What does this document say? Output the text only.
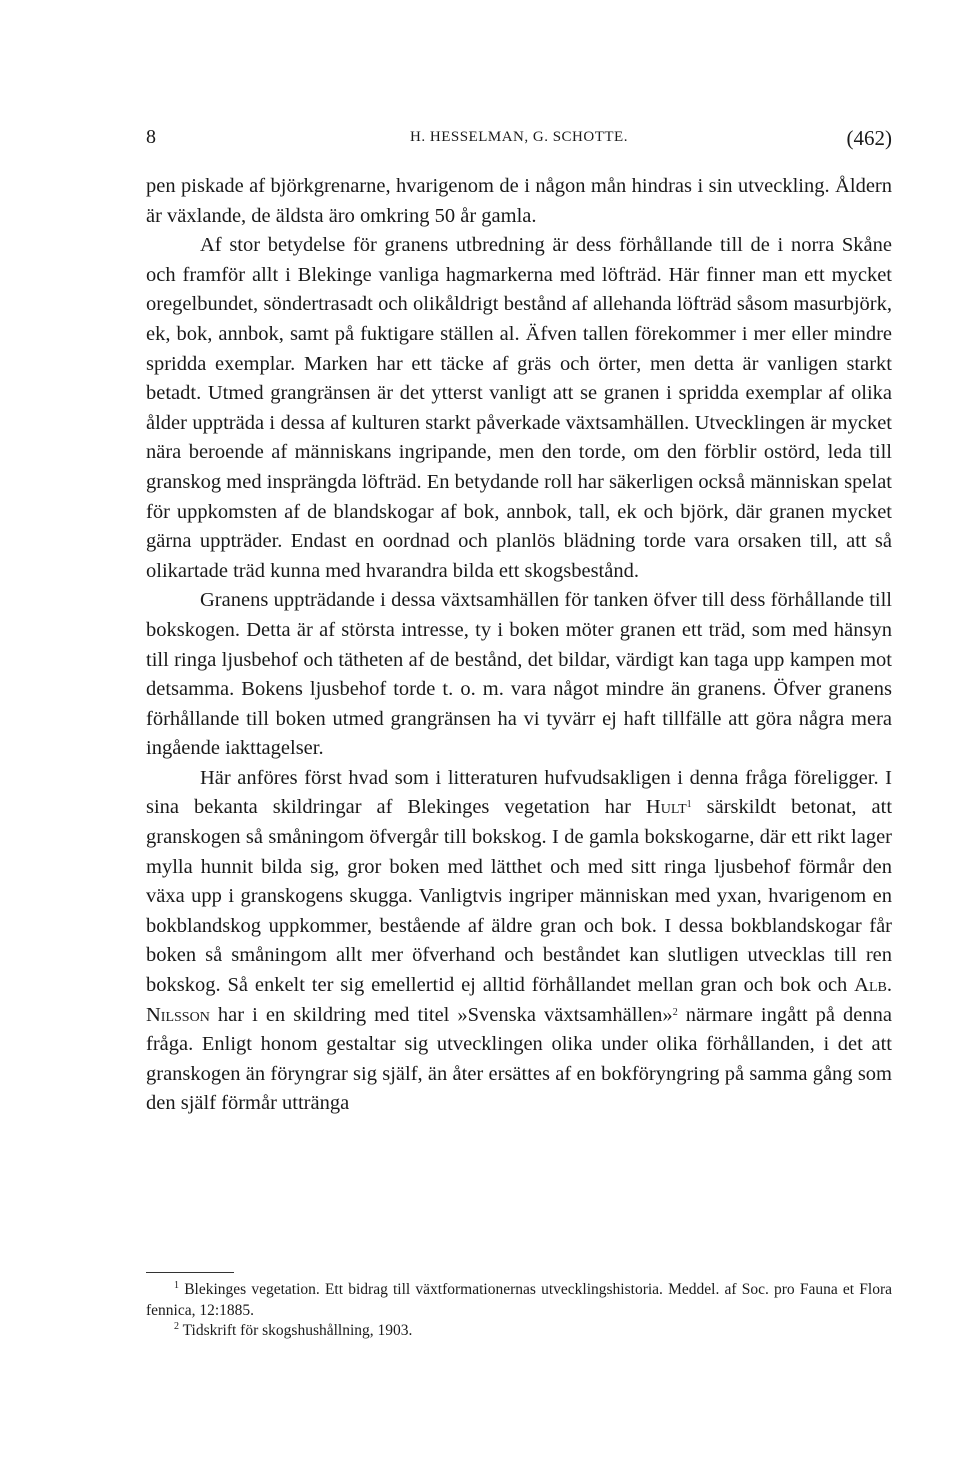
8	H. HESSELMAN, G. SCHOTTE.	(462)

pen piskade af björkgrenarne, hvarigenom de i någon mån hindras i sin utveckling. Åldern är växlande, de äldsta äro omkring 50 år gamla.

Af stor betydelse för granens utbredning är dess förhållande till de i norra Skåne och framför allt i Blekinge vanliga hagmarkerna med löfträd. Här finner man ett mycket oregelbundet, söndertrasadt och olikåldrigt bestånd af allehanda löfträd såsom masurbjörk, ek, bok, annbok, samt på fuktigare ställen al. Äfven tallen förekommer i mer eller mindre spridda exemplar. Marken har ett täcke af gräs och örter, men detta är vanligen starkt betadt. Utmed grangränsen är det ytterst vanligt att se granen i spridda exemplar af olika ålder uppträda i dessa af kulturen starkt påverkade växtsamhällen. Utvecklingen är mycket nära beroende af människans ingripande, men den torde, om den förblir ostörd, leda till granskog med insprängda löfträd. En betydande roll har säkerligen också människan spelat för uppkomsten af de blandskogar af bok, annbok, tall, ek och björk, där granen mycket gärna uppträder. Endast en oordnad och planlös blädning torde vara orsaken till, att så olikartade träd kunna med hvarandra bilda ett skogsbestånd.

Granens uppträdande i dessa växtsamhällen för tanken öfver till dess förhållande till bokskogen. Detta är af största intresse, ty i boken möter granen ett träd, som med hänsyn till ringa ljusbehof och tätheten af de bestånd, det bildar, värdigt kan taga upp kampen mot detsamma. Bokens ljusbehof torde t. o. m. vara något mindre än granens. Öfver granens förhållande till boken utmed grangränsen ha vi tyvärr ej haft tillfälle att göra några mera ingående iakttagelser.

Här anföres först hvad som i litteraturen hufvudsakligen i denna fråga föreligger. I sina bekanta skildringar af Blekinges vegetation har Hult$^1$ särskildt betonat, att granskogen så småningom öfvergår till bokskog. I de gamla bokskogarne, där ett rikt lager mylla hunnit bilda sig, gror boken med lätthet och med sitt ringa ljusbehof förmår den växa upp i granskogens skugga. Vanligtvis ingriper människan med yxan, hvarigenom en bokblandskog uppkommer, bestående af äldre gran och bok. I dessa bokblandskogar får boken så småningom allt mer öfverhand och beståndet kan slutligen utvecklas till ren bokskog. Så enkelt ter sig emellertid ej alltid förhållandet mellan gran och bok och Alb. Nilsson har i en skildring med titel »Svenska växtsamhällen»$^2$ närmare ingått på denna fråga. Enligt honom gestaltar sig utvecklingen olika under olika förhållanden, i det att granskogen än föryngrar sig själf, än åter ersättes af en bokföryngring på samma gång som den själf förmår uttränga

$^1$ Blekinges vegetation. Ett bidrag till växtformationernas utvecklingshistoria. Meddel. af Soc. pro Fauna et Flora fennica, 12:1885.

$^2$ Tidskrift för skogshushållning, 1903.
